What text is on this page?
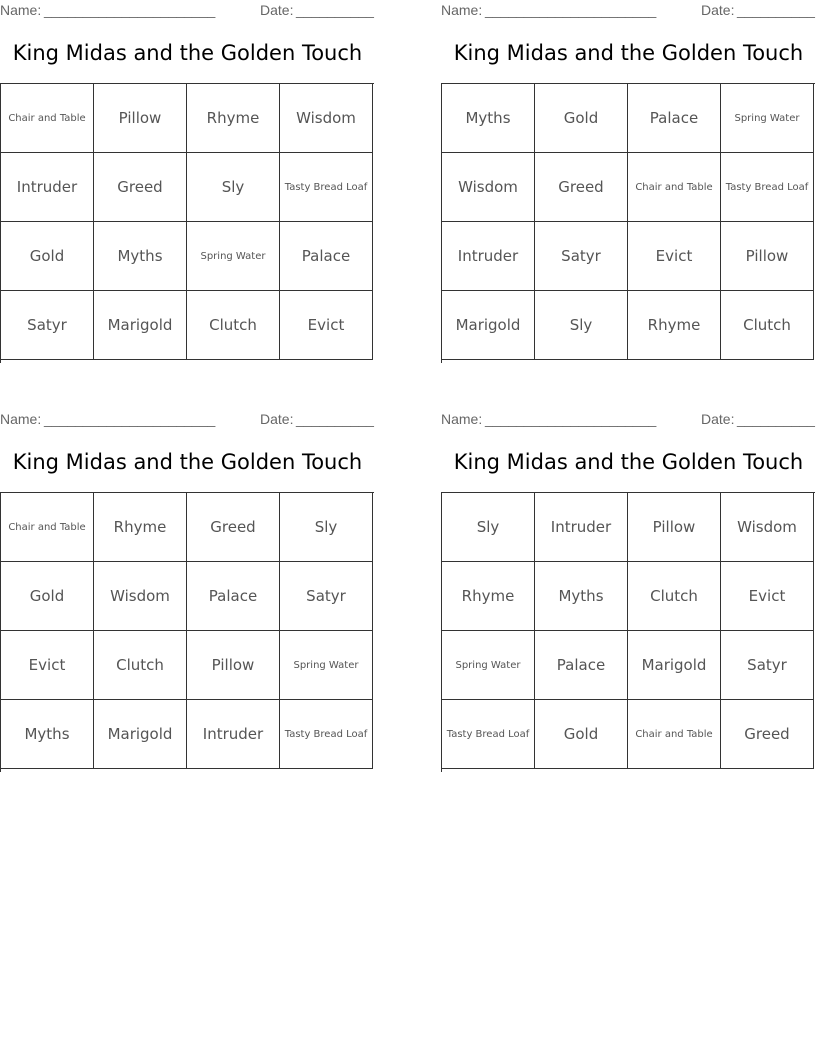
Name: ______________________	Date: __________
King Midas and the Golden Touch
Chair and Table	Pillow	Rhyme	Wisdom
Intruder	Greed	Sly	Tasty Bread Loaf
Gold	Myths	Spring Water	Palace
Satyr	Marigold	Clutch	Evict
Name: ______________________	Date: __________
King Midas and the Golden Touch
Myths	Gold	Palace	Spring Water
Wisdom	Greed	Chair and Table	Tasty Bread Loaf
Intruder	Satyr	Evict	Pillow
Marigold	Sly	Rhyme	Clutch
Name: ______________________	Date: __________
King Midas and the Golden Touch
Chair and Table	Rhyme	Greed	Sly
Gold	Wisdom	Palace	Satyr
Evict	Clutch	Pillow	Spring Water
Myths	Marigold	Intruder	Tasty Bread Loaf
Name: ______________________	Date: __________
King Midas and the Golden Touch
Sly	Intruder	Pillow	Wisdom
Rhyme	Myths	Clutch	Evict
Spring Water	Palace	Marigold	Satyr
Tasty Bread Loaf	Gold	Chair and Table	Greed
